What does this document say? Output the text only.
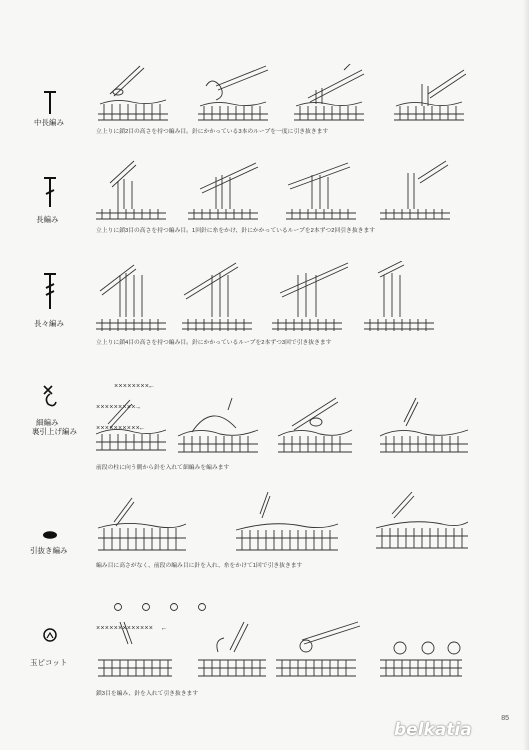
中長編み
立上りに鎖2目の高さを持つ編み目。針にかかっている3本のループを一度に引き抜きます
長編み
立上りに鎖3目の高さを持つ編み目。1回針に糸をかけ、針にかかっているループを2本ずつ2回引き抜きます
長々編み
立上りに鎖4目の高さを持つ編み目。針にかかっているループを2本ずつ3回で引き抜きます
細編み
裏引上げ編み

××××××××←

×××××××××→

××××××××××←

前段の柱に向う側から針を入れて細編みを編みます
引抜き編み
編み目に高さがなく、前段の編み目に針を入れ、糸をかけて1回で引き抜きます

×××××××××××××  ←

玉ピコット
鎖3目を編み、針を入れて引き抜きます
85
belkatia
